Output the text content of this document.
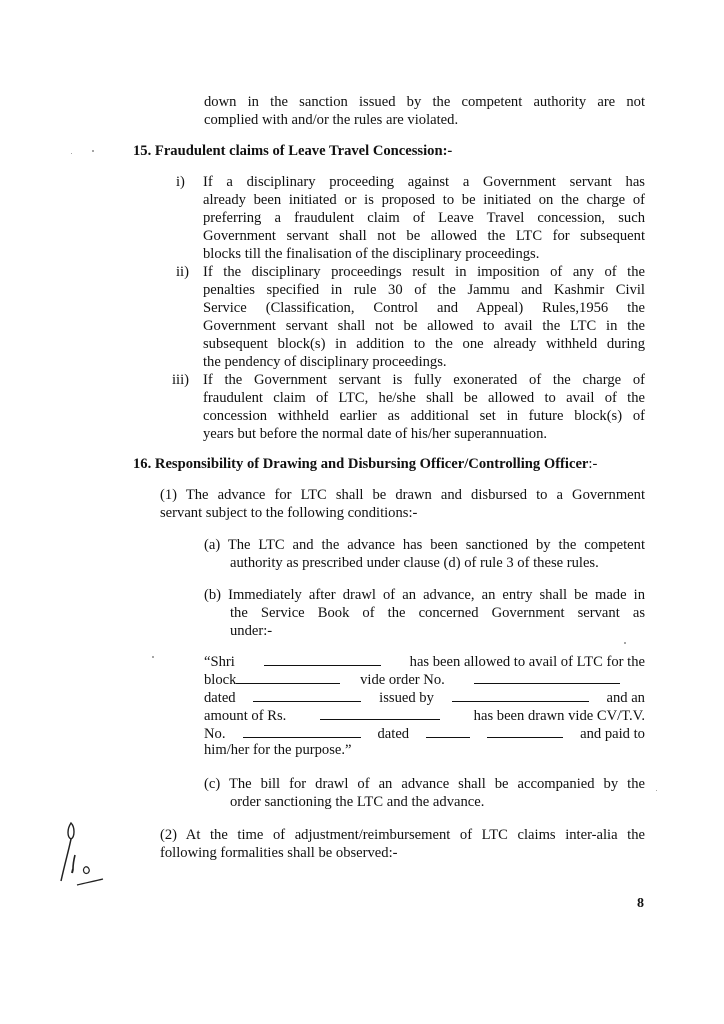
down in the sanction issued by the competent authority are not
complied with and/or the rules are violated.
15. Fraudulent claims of Leave Travel Concession:-
i) If a disciplinary proceeding against a Government servant has
already been initiated or is proposed to be initiated on the charge of
preferring a fraudulent claim of Leave Travel concession, such
Government servant shall not be allowed the LTC for subsequent
blocks till the finalisation of the disciplinary proceedings.
ii) If the disciplinary proceedings result in imposition of any of the
penalties specified in rule 30 of the Jammu and Kashmir Civil
Service (Classification, Control and Appeal) Rules,1956 the
Government servant shall not be allowed to avail the LTC in the
subsequent block(s) in addition to the one already withheld during
the pendency of disciplinary proceedings.
iii) If the Government servant is fully exonerated of the charge of
fraudulent claim of LTC, he/she shall be allowed to avail of the
concession withheld earlier as additional set in future block(s) of
years but before the normal date of his/her superannuation.
16. Responsibility of Drawing and Disbursing Officer/Controlling Officer:-
(1) The advance for LTC shall be drawn and disbursed to a Government
servant subject to the following conditions:-
(a) The LTC and the advance has been sanctioned by the competent
authority as prescribed under clause (d) of rule 3 of these rules.
(b) Immediately after drawl of an advance, an entry shall be made in
the Service Book of the concerned Government servant as
under:-
“Shri	has been allowed to avail of LTC for the
block	vide order No.
dated	issued by	and an
amount of Rs.	has been drawn vide CV/T.V.
No.	dated	and paid to
him/her for the purpose.”
(c) The bill for drawl of an advance shall be accompanied by the
order sanctioning the LTC and the advance.
(2) At the time of adjustment/reimbursement of LTC claims inter-alia the
following formalities shall be observed:-
8
